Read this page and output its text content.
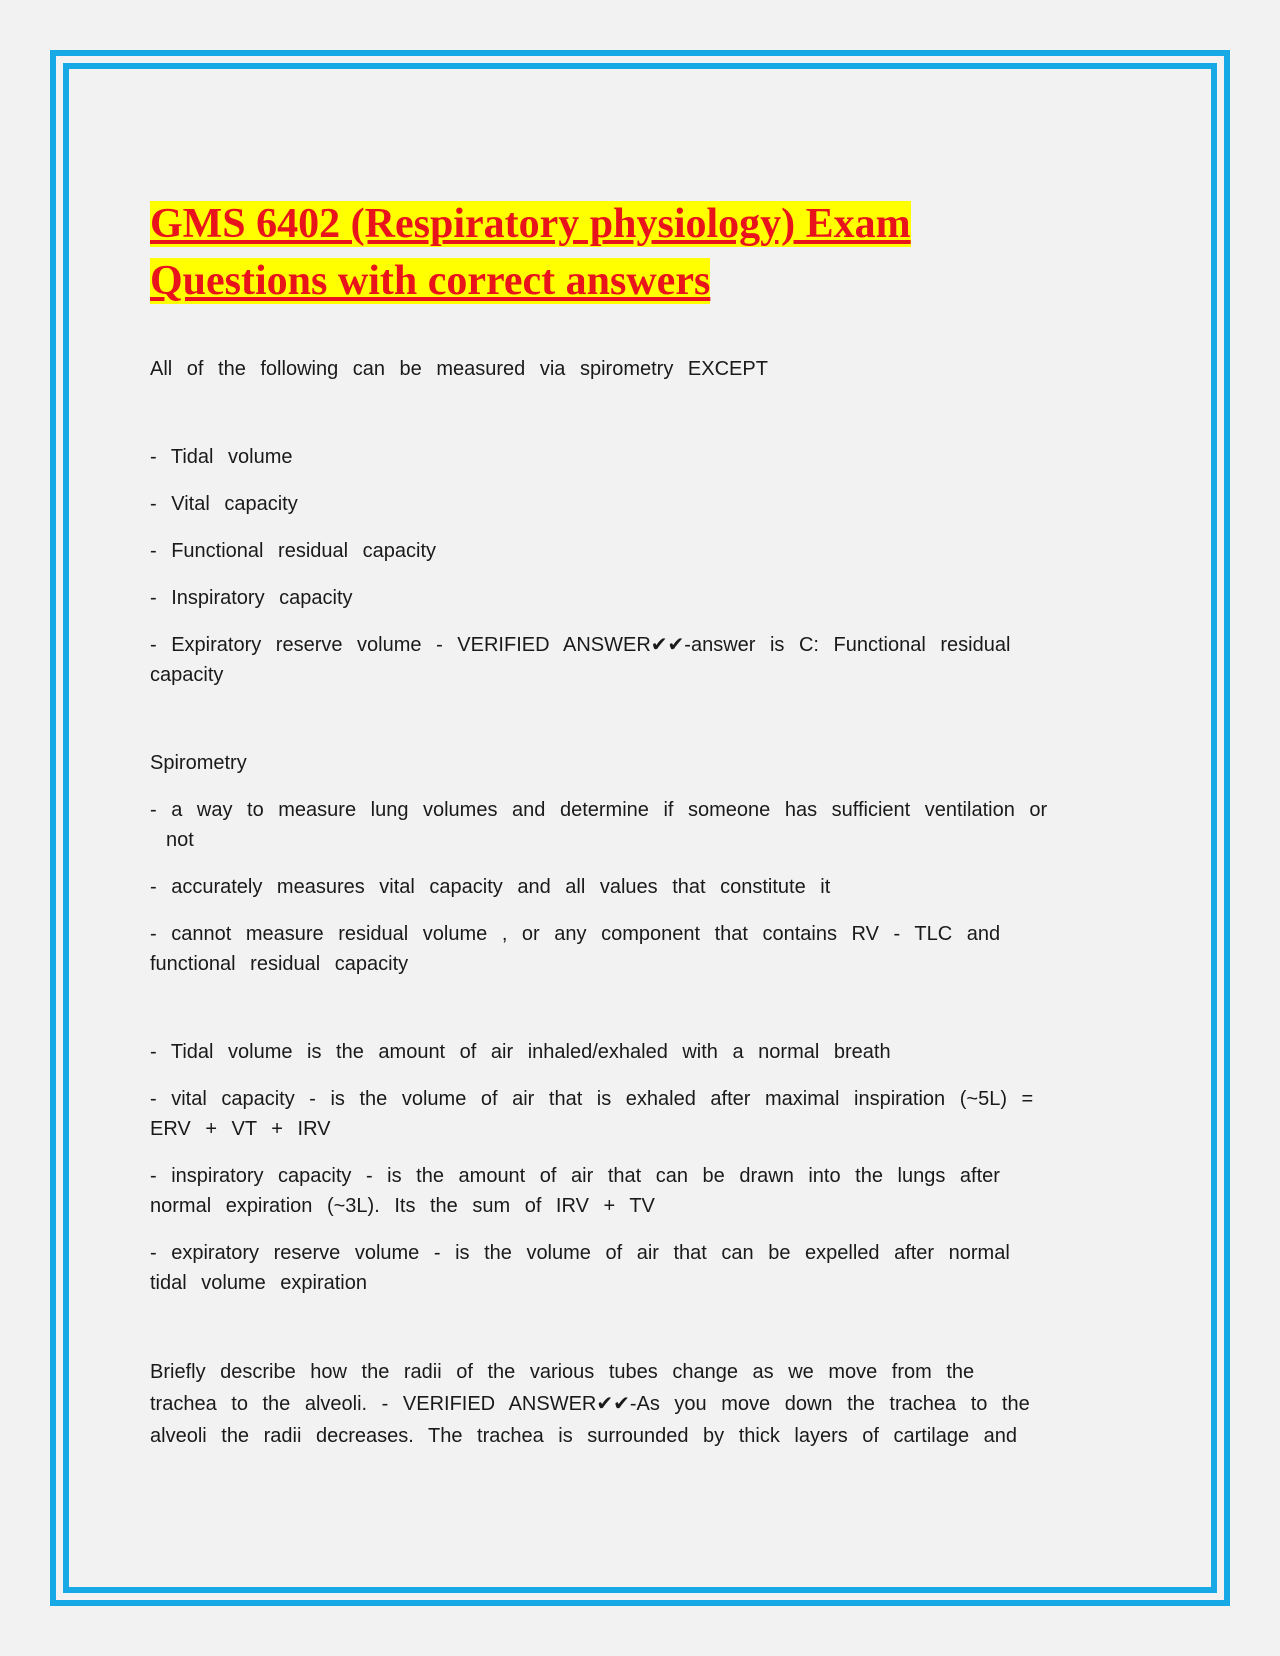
GMS 6402 (Respiratory physiology) Exam
Questions with correct answers

All of the following can be measured via spirometry EXCEPT

- Tidal volume

- Vital capacity

- Functional residual capacity

- Inspiratory capacity

- Expiratory reserve volume - VERIFIED ANSWER✔✔-answer is C: Functional residual
capacity

Spirometry

- a way to measure lung volumes and determine if someone has sufficient ventilation or
not

- accurately measures vital capacity and all values that constitute it

- cannot measure residual volume , or any component that contains RV - TLC and
functional residual capacity

- Tidal volume is the amount of air inhaled/exhaled with a normal breath

- vital capacity - is the volume of air that is exhaled after maximal inspiration (~5L) =
ERV + VT + IRV

- inspiratory capacity - is the amount of air that can be drawn into the lungs after
normal expiration (~3L). Its the sum of IRV + TV

- expiratory reserve volume - is the volume of air that can be expelled after normal
tidal volume expiration

Briefly describe how the radii of the various tubes change as we move from the
trachea to the alveoli. - VERIFIED ANSWER✔✔-As you move down the trachea to the
alveoli the radii decreases. The trachea is surrounded by thick layers of cartilage and
